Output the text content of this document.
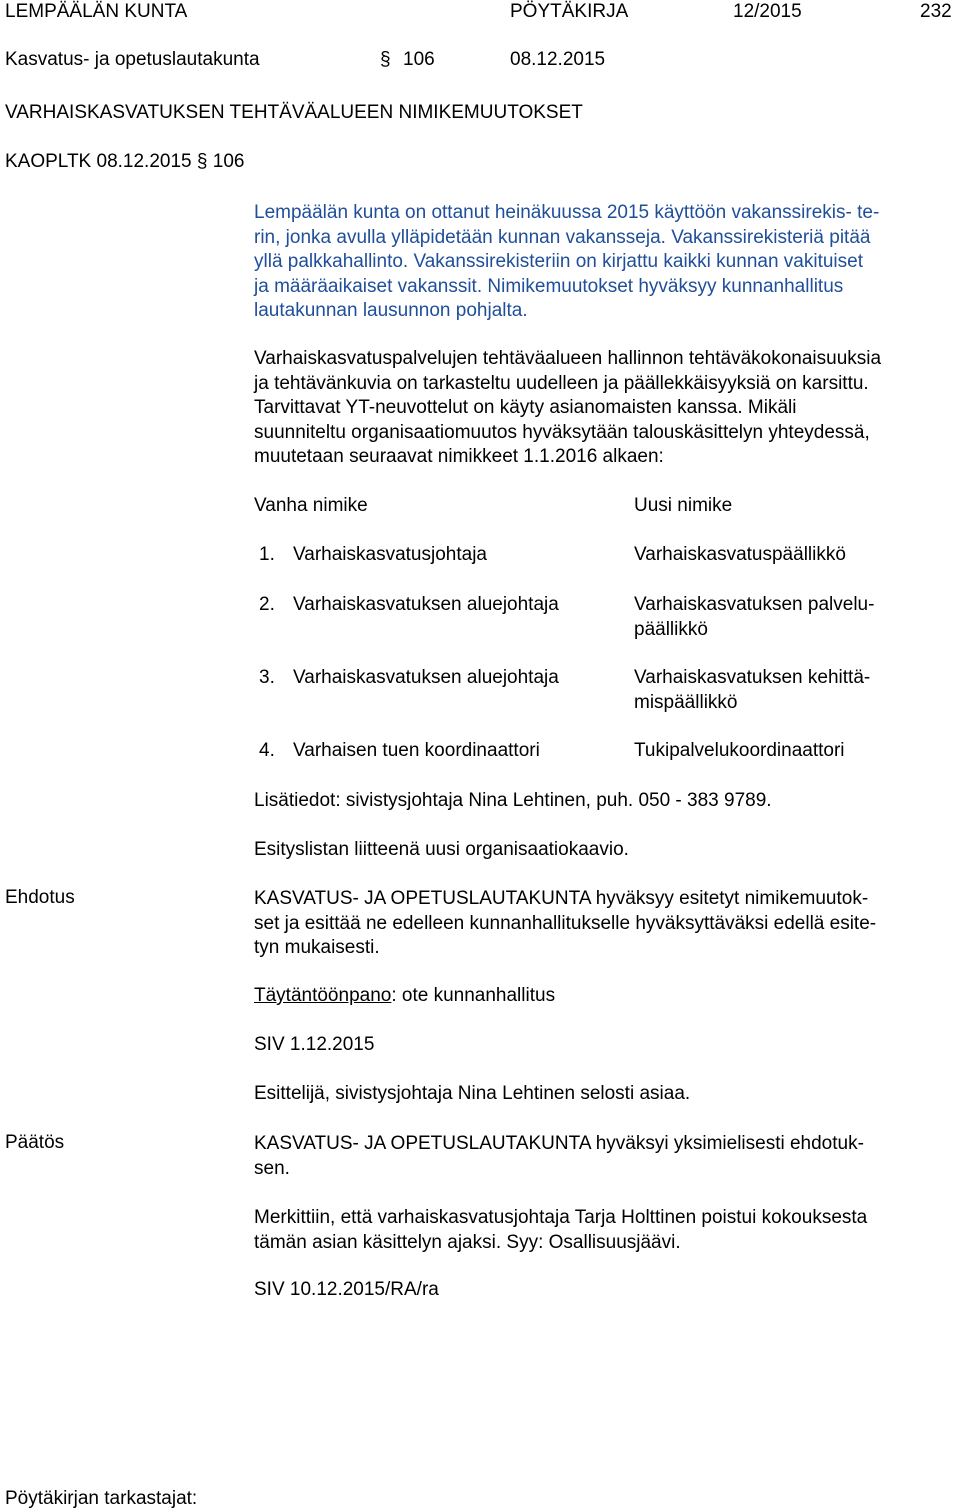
LEMPÄÄLÄN KUNTA	PÖYTÄKIRJA	12/2015	232
Kasvatus- ja opetuslautakunta	§ 106	08.12.2015
VARHAISKASVATUKSEN TEHTÄVÄALUEEN NIMIKEMUUTOKSET
KAOPLTK 08.12.2015 § 106
Lempäälän kunta on ottanut heinäkuussa 2015 käyttöön vakanssirekis- te-
rin, jonka avulla ylläpidetään kunnan vakansseja. Vakanssirekisteriä pitää
yllä palkkahallinto. Vakanssirekisteriin on kirjattu kaikki kunnan vakituiset
ja määräaikaiset vakanssit. Nimikemuutokset hyväksyy kunnanhallitus
lautakunnan lausunnon pohjalta.
Varhaiskasvatuspalvelujen tehtäväalueen hallinnon tehtäväkokonaisuuksia
ja tehtävänkuvia on tarkasteltu uudelleen ja päällekkäisyyksiä on karsittu.
Tarvittavat YT-neuvottelut on käyty asianomaisten kanssa. Mikäli
suunniteltu organisaatiomuutos hyväksytään talouskäsittelyn yhteydessä,
muutetaan seuraavat nimikkeet 1.1.2016 alkaen:
Vanha nimike	Uusi nimike
1. Varhaiskasvatusjohtaja	Varhaiskasvatuspäällikkö
2. Varhaiskasvatuksen aluejohtaja	Varhaiskasvatuksen palvelu-
päällikkö
3. Varhaiskasvatuksen aluejohtaja	Varhaiskasvatuksen kehittä-
mispäällikkö
4. Varhaisen tuen koordinaattori	Tukipalvelukoordinaattori
Lisätiedot: sivistysjohtaja Nina Lehtinen, puh. 050 - 383 9789.
Esityslistan liitteenä uusi organisaatiokaavio.
Ehdotus	KASVATUS- JA OPETUSLAUTAKUNTA hyväksyy esitetyt nimikemuutok-
set ja esittää ne edelleen kunnanhallitukselle hyväksyttäväksi edellä esite-
tyn mukaisesti.
Täytäntöönpano: ote kunnanhallitus
SIV 1.12.2015
Esittelijä, sivistysjohtaja Nina Lehtinen selosti asiaa.
Päätös	KASVATUS- JA OPETUSLAUTAKUNTA hyväksyi yksimielisesti ehdotuk-
sen.
Merkittiin, että varhaiskasvatusjohtaja Tarja Holttinen poistui kokouksesta
tämän asian käsittelyn ajaksi. Syy: Osallisuusjäävi.
SIV 10.12.2015/RA/ra
Pöytäkirjan tarkastajat:
